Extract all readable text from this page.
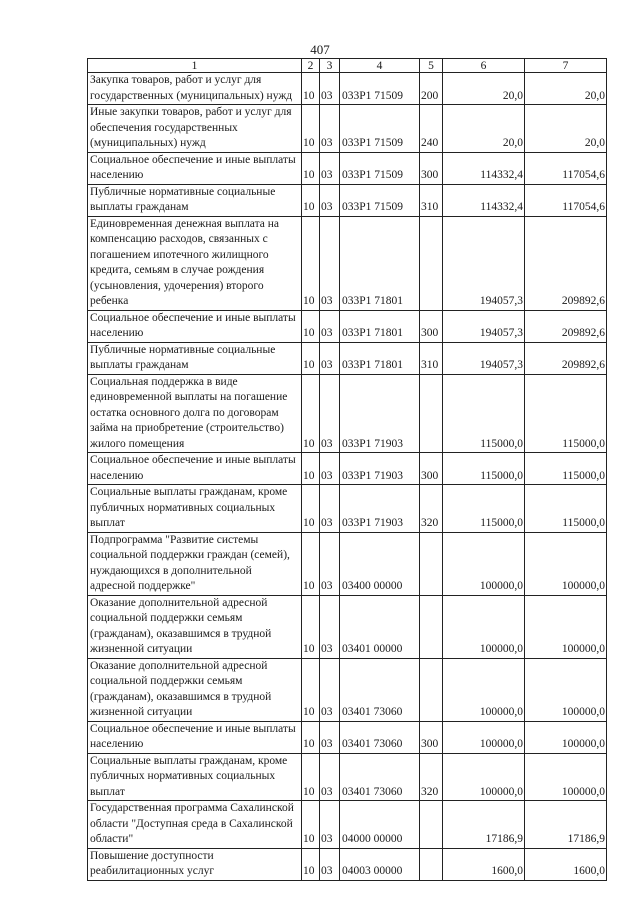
407
1	2	3	4	5	6	7
Закупка товаров, работ и услуг для государственных (муниципальных) нужд	10	03	033P1 71509	200	20,0	20,0
Иные закупки товаров, работ и услуг для обеспечения государственных (муниципальных) нужд	10	03	033P1 71509	240	20,0	20,0
Социальное обеспечение и иные выплаты населению	10	03	033P1 71509	300	114332,4	117054,6
Публичные нормативные социальные выплаты гражданам	10	03	033P1 71509	310	114332,4	117054,6
Единовременная денежная выплата на компенсацию расходов, связанных с погашением ипотечного жилищного кредита, семьям в случае рождения (усыновления, удочерения) второго ребенка	10	03	033P1 71801		194057,3	209892,6
Социальное обеспечение и иные выплаты населению	10	03	033P1 71801	300	194057,3	209892,6
Публичные нормативные социальные выплаты гражданам	10	03	033P1 71801	310	194057,3	209892,6
Социальная поддержка в виде единовременной выплаты на погашение остатка основного долга по договорам займа на приобретение (строительство) жилого помещения	10	03	033P1 71903		115000,0	115000,0
Социальное обеспечение и иные выплаты населению	10	03	033P1 71903	300	115000,0	115000,0
Социальные выплаты гражданам, кроме публичных нормативных социальных выплат	10	03	033P1 71903	320	115000,0	115000,0
Подпрограмма "Развитие системы социальной поддержки граждан (семей), нуждающихся в дополнительной адресной поддержке"	10	03	03400 00000		100000,0	100000,0
Оказание дополнительной адресной социальной поддержки семьям (гражданам), оказавшимся в трудной жизненной ситуации	10	03	03401 00000		100000,0	100000,0
Оказание дополнительной адресной социальной поддержки семьям (гражданам), оказавшимся в трудной жизненной ситуации	10	03	03401 73060		100000,0	100000,0
Социальное обеспечение и иные выплаты населению	10	03	03401 73060	300	100000,0	100000,0
Социальные выплаты гражданам, кроме публичных нормативных социальных выплат	10	03	03401 73060	320	100000,0	100000,0
Государственная программа Сахалинской области "Доступная среда в Сахалинской области"	10	03	04000 00000		17186,9	17186,9
Повышение доступности реабилитационных услуг	10	03	04003 00000		1600,0	1600,0
